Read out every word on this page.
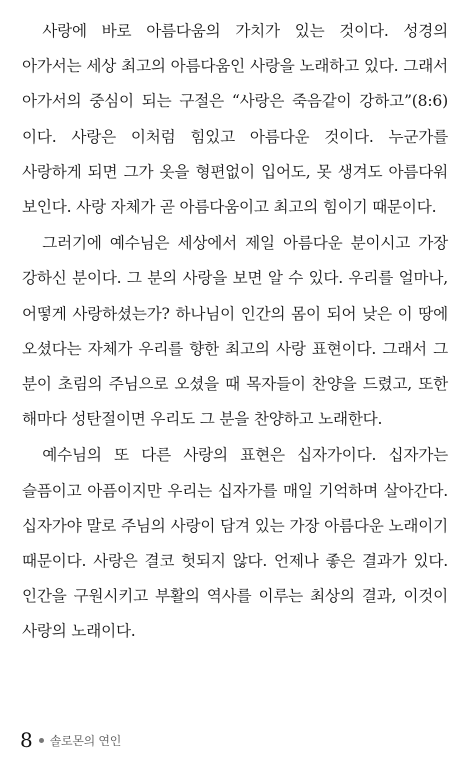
사랑에 바로 아름다움의 가치가 있는 것이다. 성경의 아가서는 세상 최고의 아름다움인 사랑을 노래하고 있다. 그래서 아가서의 중심이 되는 구절은 “사랑은 죽음같이 강하고”(8:6)이다. 사랑은 이처럼 힘있고 아름다운 것이다. 누군가를 사랑하게 되면 그가 옷을 형편없이 입어도, 못 생겨도 아름다워 보인다. 사랑 자체가 곧 아름다움이고 최고의 힘이기 때문이다.

그러기에 예수님은 세상에서 제일 아름다운 분이시고 가장 강하신 분이다. 그 분의 사랑을 보면 알 수 있다. 우리를 얼마나, 어떻게 사랑하셨는가? 하나님이 인간의 몸이 되어 낮은 이 땅에 오셨다는 자체가 우리를 향한 최고의 사랑 표현이다. 그래서 그 분이 초림의 주님으로 오셨을 때 목자들이 찬양을 드렸고, 또한 해마다 성탄절이면 우리도 그 분을 찬양하고 노래한다.

예수님의 또 다른 사랑의 표현은 십자가이다. 십자가는 슬픔이고 아픔이지만 우리는 십자가를 매일 기억하며 살아간다. 십자가야 말로 주님의 사랑이 담겨 있는 가장 아름다운 노래이기 때문이다. 사랑은 결코 헛되지 않다. 언제나 좋은 결과가 있다. 인간을 구원시키고 부활의 역사를 이루는 최상의 결과, 이것이 사랑의 노래이다.

8 솔로몬의 연인
